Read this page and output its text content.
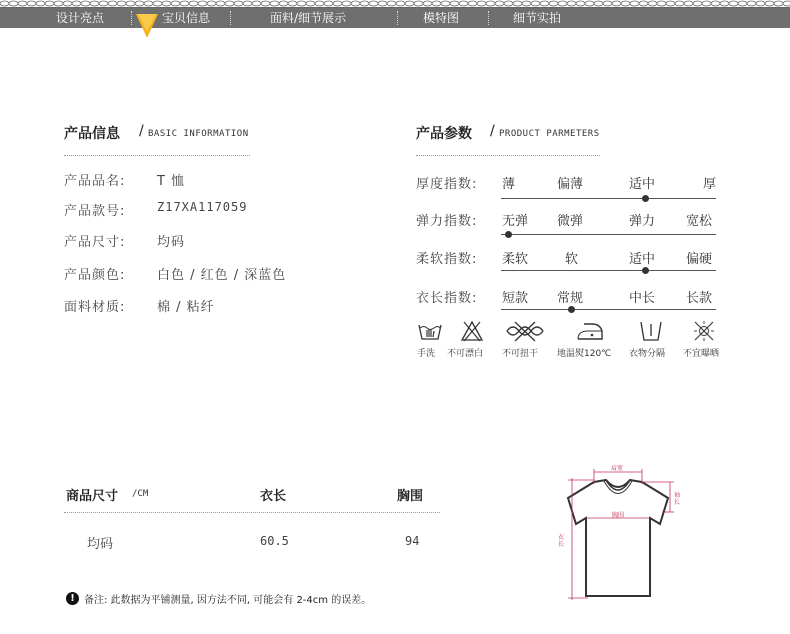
设计亮点	宝贝信息	面料/细节展示	模特图	细节实拍
产品信息 / BASIC INFORMATION
产品品名: T 恤
产品款号:	Z17XA117059
产品尺寸: 均码
产品颜色: 白色 / 红色 / 深蓝色
面料材质: 棉 / 粘纤
产品参数 / PRODUCT PARMETERS
厚度指数: 薄	偏薄	适中	厚
弹力指数: 无弹 微弹	弹力 宽松
柔软指数: 柔软	软	适中 偏硬
衣长指数: 短款 常规	中长 长款
手洗 不可漂白 不可扭干 地温熨120℃ 衣物分隔 不宜曝晒
商品尺寸 /CM	衣长	胸围
均码	60.5	94
! 备注: 此数据为平铺测量, 因方法不同, 可能会有 2-4cm 的误差。
肩宽
胸围
袖长
衣长
